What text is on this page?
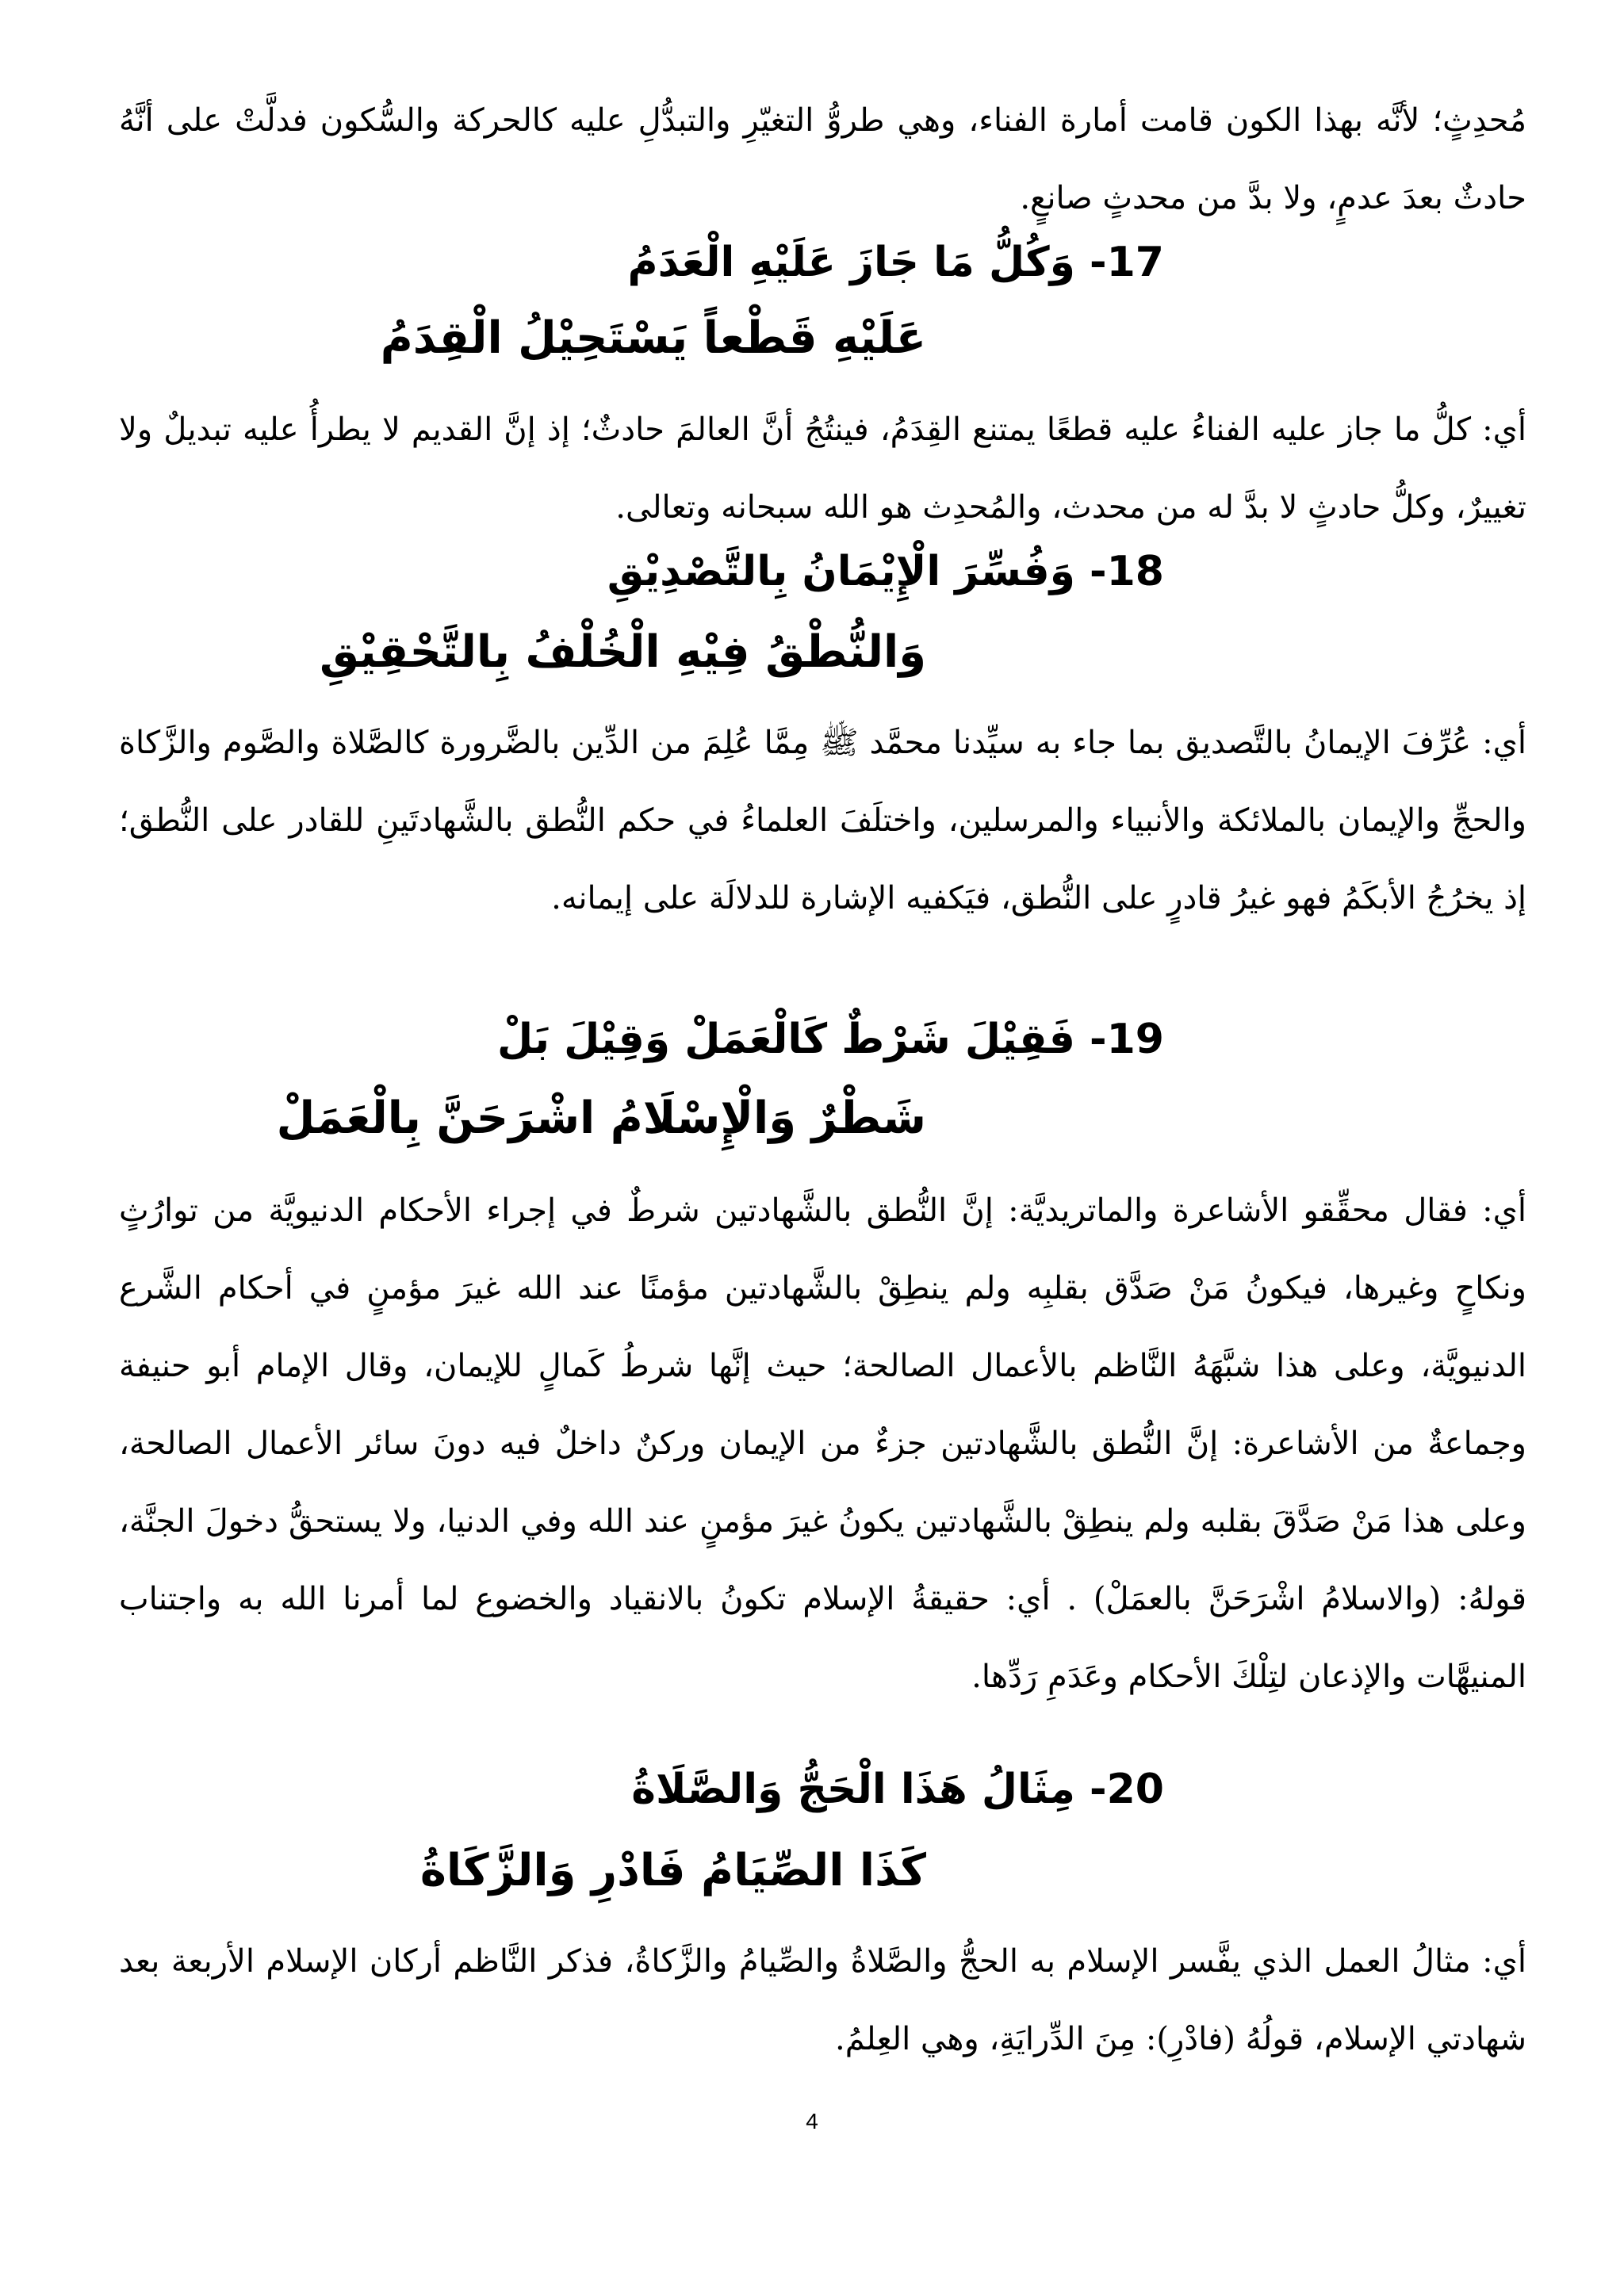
مُحدِثٍ؛ لأنَّه بهذا الكون قامت أمارة الفناء، وهي طروُّ التغيّرِ والتبدُّلِ عليه كالحركة والسُّكون فدلَّتْ على أنَّهُ حادثٌ بعدَ عدمٍ، ولا بدَّ من محدثٍ صانعٍ.

17- وَكُلُّ مَا جَازَ عَلَيْهِ الْعَدَمُ
عَلَيْهِ قَطْعاً يَسْتَحِيْلُ الْقِدَمُ

أي: كلُّ ما جاز عليه الفناءُ عليه قطعًا يمتنع القِدَمُ، فينتُجُ أنَّ العالمَ حادثٌ؛ إذ إنَّ القديم لا يطرأُ عليه تبديلٌ ولا تغييرٌ، وكلُّ حادثٍ لا بدَّ له من محدث، والمُحدِث هو الله سبحانه وتعالى.

18- وَفُسِّرَ الْإِيْمَانُ بِالتَّصْدِيْقِ
وَالنُّطْقُ فِيْهِ الْخُلْفُ بِالتَّحْقِيْقِ

أي: عُرِّفَ الإيمانُ بالتَّصديق بما جاء به سيِّدنا محمَّد ﷺ مِمَّا عُلِمَ من الدِّين بالضَّرورة كالصَّلاة والصَّوم والزَّكاة والحجِّ والإيمان بالملائكة والأنبياء والمرسلين، واختلَفَ العلماءُ في حكم النُّطق بالشَّهادتَينِ للقادر على النُّطق؛ إذ يخرُجُ الأبكَمُ فهو غيرُ قادرٍ على النُّطق، فيَكفيه الإشارة للدلالَة على إيمانه.

19- فَقِيْلَ شَرْطٌ كَالْعَمَلْ وَقِيْلَ بَلْ
شَطْرٌ وَالْإِسْلَامُ اشْرَحَنَّ بِالْعَمَلْ

أي: فقال محقِّقو الأشاعرة والماتريديَّة: إنَّ النُّطق بالشَّهادتين شرطٌ في إجراء الأحكام الدنيويَّة من توارُثٍ ونكاحٍ وغيرها، فيكونُ مَنْ صَدَّق بقلبِه ولم ينطِقْ بالشَّهادتين مؤمنًا عند الله غيرَ مؤمنٍ في أحكام الشَّرع الدنيويَّة، وعلى هذا شبَّهَهُ النَّاظم بالأعمال الصالحة؛ حيث إنَّها شرطُ كَمالٍ للإيمان، وقال الإمام أبو حنيفة وجماعةٌ من الأشاعرة: إنَّ النُّطق بالشَّهادتين جزءٌ من الإيمان وركنٌ داخلٌ فيه دونَ سائر الأعمال الصالحة، وعلى هذا مَنْ صَدَّقَ بقلبه ولم ينطِقْ بالشَّهادتين يكونُ غيرَ مؤمنٍ عند الله وفي الدنيا، ولا يستحقُّ دخولَ الجنَّة، قولهُ: (والاسلامُ اشْرَحَنَّ بالعمَلْ) . أي: حقيقةُ الإسلام تكونُ بالانقياد والخضوع لما أمرنا الله به واجتناب المنيهَّات والإذعان لتِلْكَ الأحكام وعَدَمِ رَدِّها.

20- مِثَالُ هَذَا الْحَجُّ وَالصَّلَاةُ
كَذَا الصِّيَامُ فَادْرِ وَالزَّكَاةُ

أي: مثالُ العمل الذي يفَّسر الإسلام به الحجُّ والصَّلاةُ والصِّيامُ والزَّكاةُ، فذكر النَّاظم أركان الإسلام الأربعة بعد شهادتي الإسلام، قولُهُ (فادْرِ): مِنَ الدِّرايَةِ، وهي العِلمُ.

4
